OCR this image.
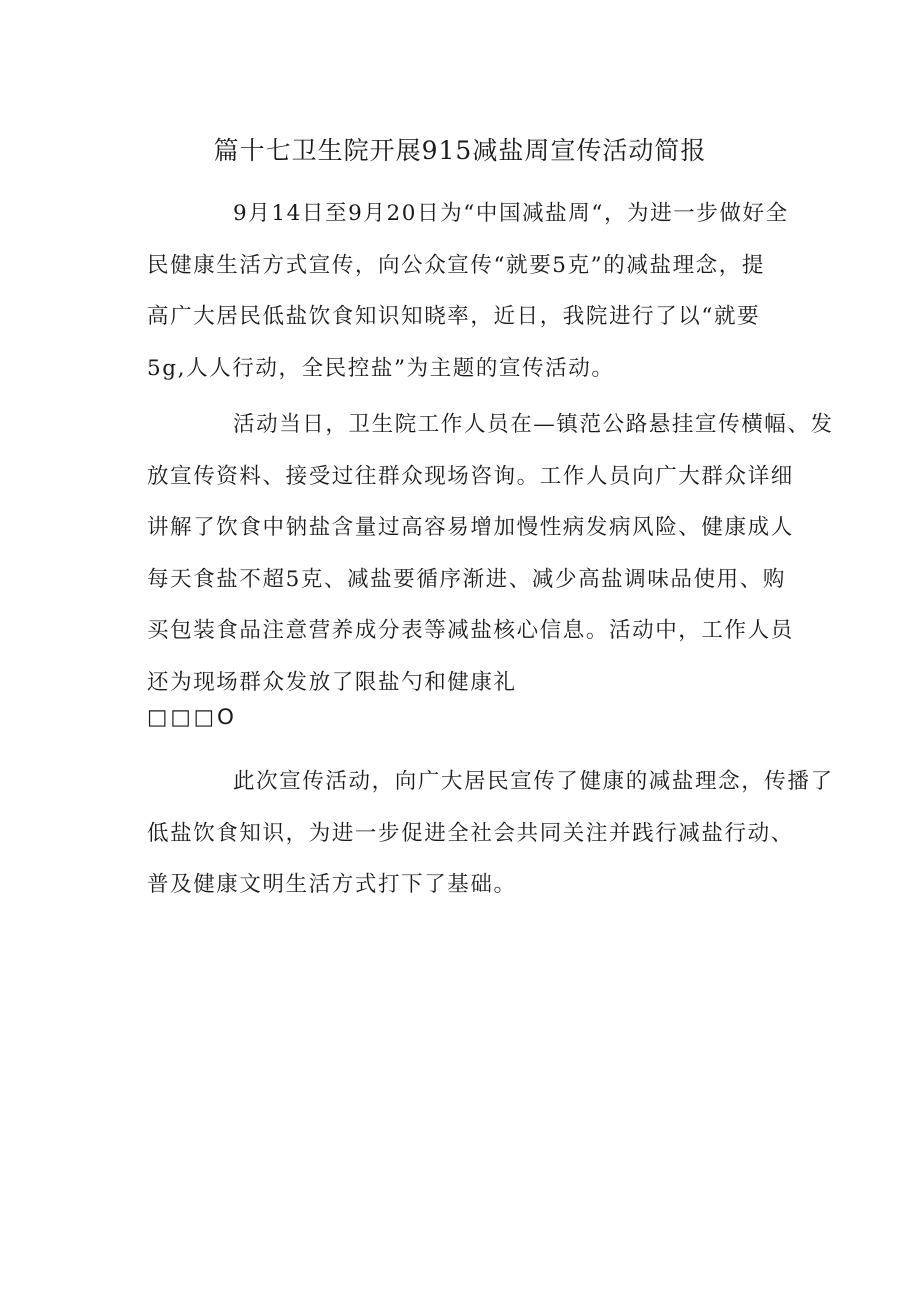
篇十七卫生院开展915减盐周宣传活动简报
9月14日至9月20日为“中国减盐周“，为进一步做好全
民健康生活方式宣传，向公众宣传“就要5克”的减盐理念，提
高广大居民低盐饮食知识知晓率，近日，我院进行了以“就要
5g,人人行动，全民控盐”为主题的宣传活动。
活动当日，卫生院工作人员在—镇范公路悬挂宣传横幅、发
放宣传资料、接受过往群众现场咨询。工作人员向广大群众详细
讲解了饮食中钠盐含量过高容易增加慢性病发病风险、健康成人
每天食盐不超5克、减盐要循序渐进、减少高盐调味品使用、购
买包装食品注意营养成分表等减盐核心信息。活动中，工作人员
还为现场群众发放了限盐勺和健康礼
□□□O
此次宣传活动，向广大居民宣传了健康的减盐理念，传播了
低盐饮食知识，为进一步促进全社会共同关注并践行减盐行动、
普及健康文明生活方式打下了基础。
